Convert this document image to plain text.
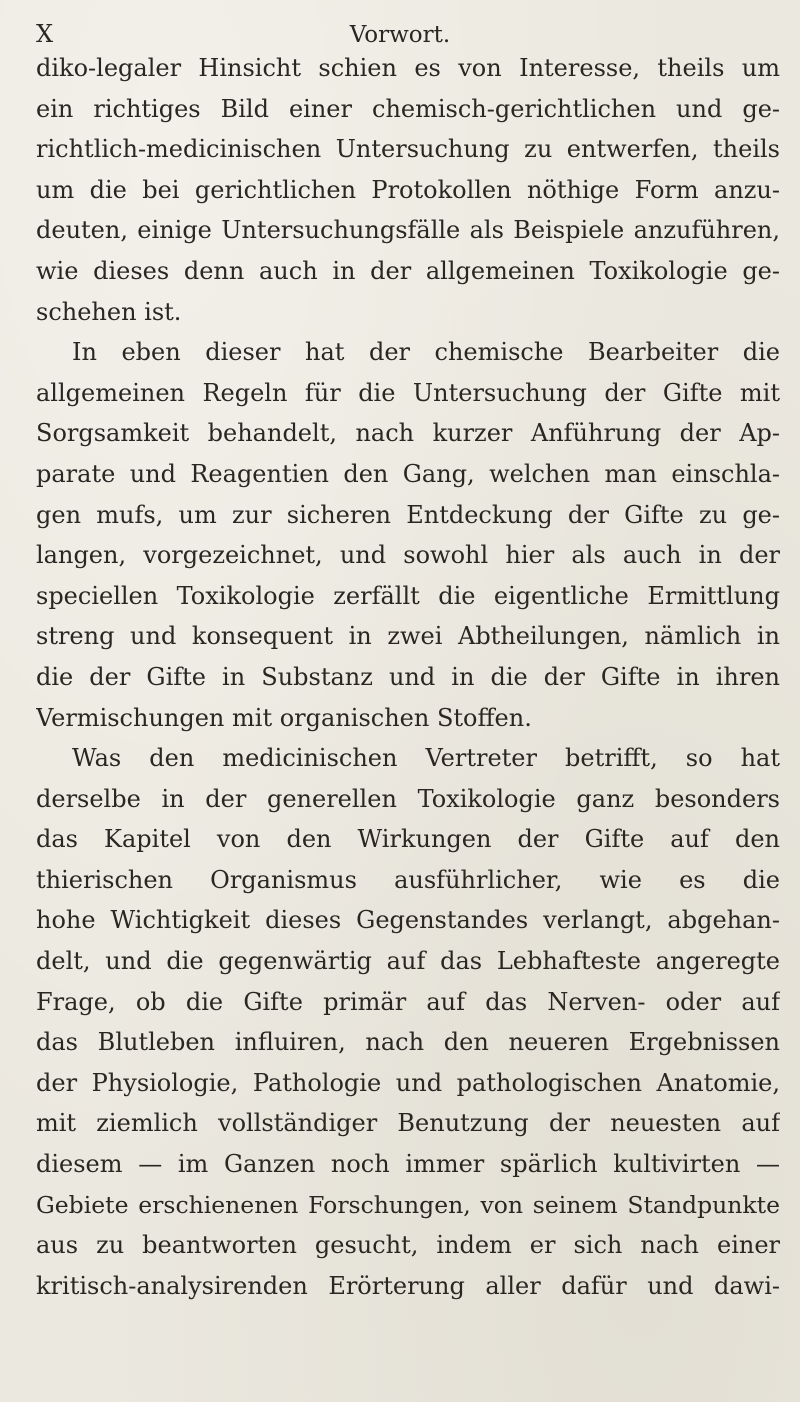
X	Vorwort.
diko-legaler Hinsicht schien es von Interesse, theils um
ein richtiges Bild einer chemisch-gerichtlichen und ge-
richtlich-medicinischen Untersuchung zu entwerfen, theils
um die bei gerichtlichen Protokollen nöthige Form anzu-
deuten, einige Untersuchungsfälle als Beispiele anzuführen,
wie dieses denn auch in der allgemeinen Toxikologie ge-
schehen ist.
In eben dieser hat der chemische Bearbeiter die
allgemeinen Regeln für die Untersuchung der Gifte mit
Sorgsamkeit behandelt, nach kurzer Anführung der Ap-
parate und Reagentien den Gang, welchen man einschla-
gen mufs, um zur sicheren Entdeckung der Gifte zu ge-
langen, vorgezeichnet, und sowohl hier als auch in der
speciellen Toxikologie zerfällt die eigentliche Ermittlung
streng und konsequent in zwei Abtheilungen, nämlich in
die der Gifte in Substanz und in die der Gifte in ihren
Vermischungen mit organischen Stoffen.
Was den medicinischen Vertreter betrifft, so hat
derselbe in der generellen Toxikologie ganz besonders
das Kapitel von den Wirkungen der Gifte auf den
thierischen Organismus ausführlicher, wie es die
hohe Wichtigkeit dieses Gegenstandes verlangt, abgehan-
delt, und die gegenwärtig auf das Lebhafteste angeregte
Frage, ob die Gifte primär auf das Nerven- oder auf
das Blutleben influiren, nach den neueren Ergebnissen
der Physiologie, Pathologie und pathologischen Anatomie,
mit ziemlich vollständiger Benutzung der neuesten auf
diesem — im Ganzen noch immer spärlich kultivirten —
Gebiete erschienenen Forschungen, von seinem Standpunkte
aus zu beantworten gesucht, indem er sich nach einer
kritisch-analysirenden Erörterung aller dafür und dawi-
